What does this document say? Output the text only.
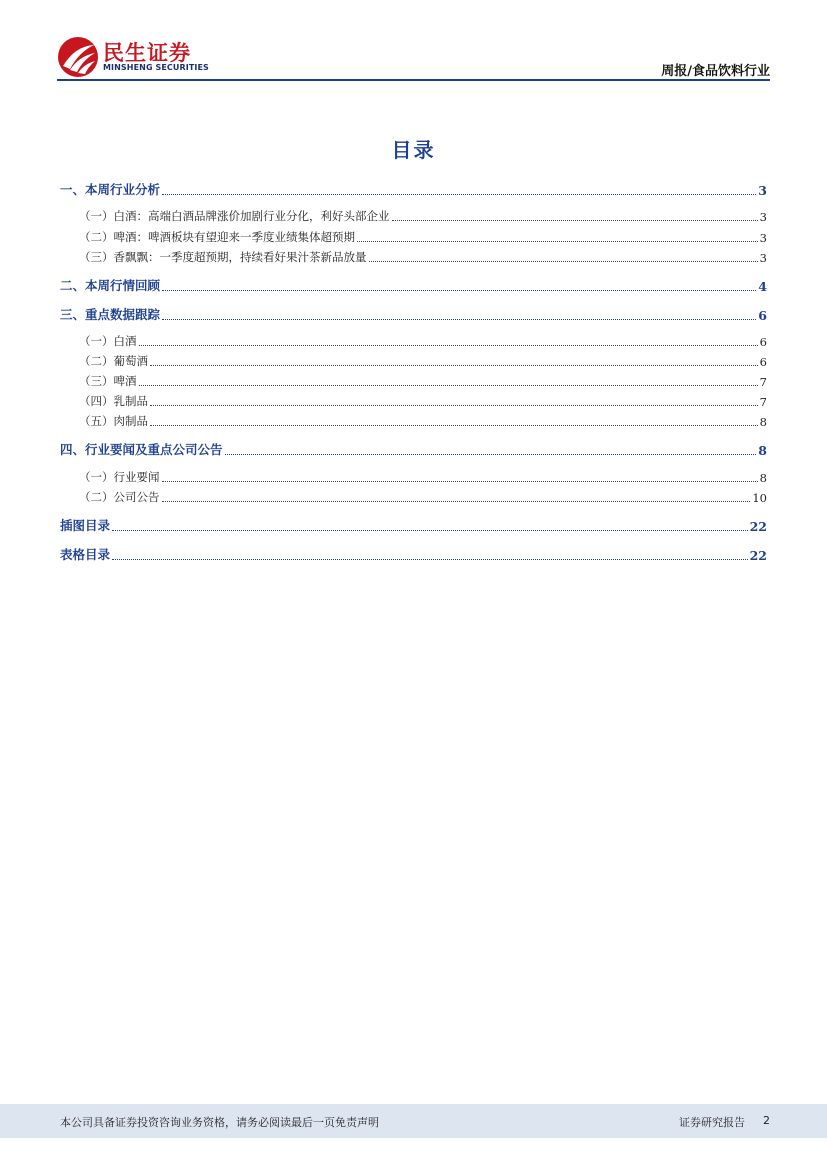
民生证券
MINSHENG SECURITIES	周报/食品饮料行业
目录
一、本周行业分析	3
（一）白酒：高端白酒品牌涨价加剧行业分化，利好头部企业	3
（二）啤酒：啤酒板块有望迎来一季度业绩集体超预期	3
（三）香飘飘：一季度超预期，持续看好果汁茶新品放量	3
二、本周行情回顾	4
三、重点数据跟踪	6
（一）白酒	6
（二）葡萄酒	6
（三）啤酒	7
（四）乳制品	7
（五）肉制品	8
四、行业要闻及重点公司公告	8
（一）行业要闻	8
（二）公司公告	10
插图目录	22
表格目录	22
本公司具备证券投资咨询业务资格，请务必阅读最后一页免责声明	证券研究报告 2
